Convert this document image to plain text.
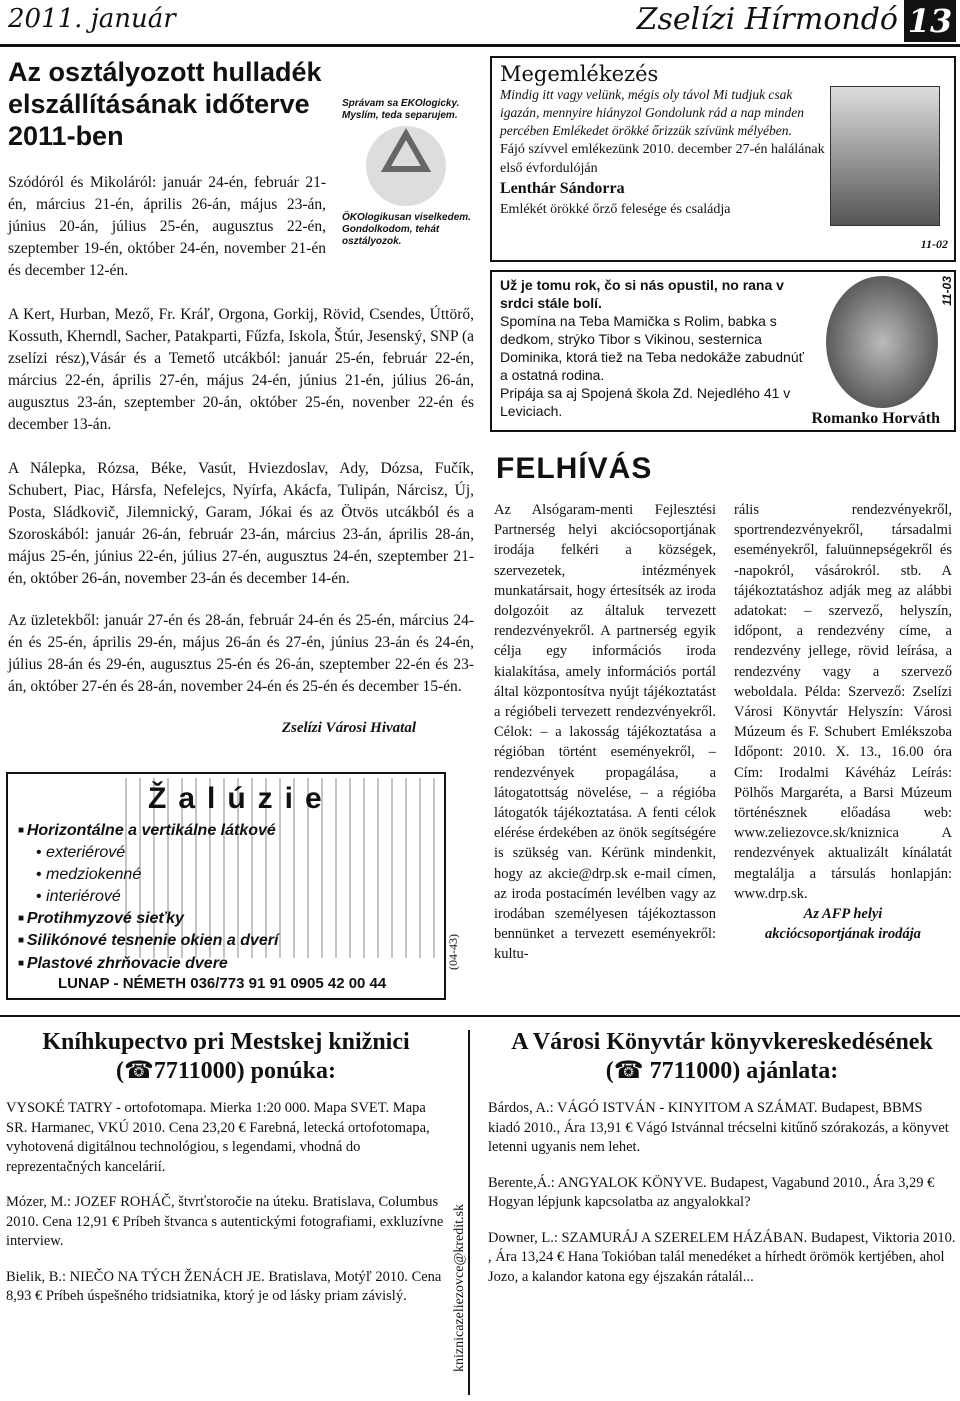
2011. január	Zselízi Hírmondó 13
Az osztályozott hulladék elszállításának időterve 2011-ben
Správam sa EKOlogicky. Myslím, teda separujem.
ÖKOlogikusan viselkedem. Gondolkodom, tehát osztályozok.

Szódóról és Mikoláról: január 24-én, február 21-én, március 21-én, április 26-án, május 23-án, június 20-án, július 25-én, augusztus 22-én, szeptember 19-én, október 24-én, november 21-én és december 12-én.

A Kert, Hurban, Mező, Fr. Kráľ, Orgona, Gorkij, Rövid, Csendes, Úttörő, Kossuth, Kherndl, Sacher, Patakparti, Fűzfa, Iskola, Štúr, Jesenský, SNP (a zselízi rész),Vásár és a Temető utcákból: január 25-én, február 22-én, március 22-én, április 27-én, május 24-én, június 21-én, július 26-án, augusztus 23-án, szeptember 20-án, október 25-én, novenber 22-én és december 13-án.

A Nálepka, Rózsa, Béke, Vasút, Hviezdoslav, Ady, Dózsa, Fučík, Schubert, Piac, Hársfa, Nefelejcs, Nyírfa, Akácfa, Tulipán, Nárcisz, Új, Posta, Sládkovič, Jilemnický, Garam, Jókai és az Ötvös utcákból és a Szoroskából: január 26-án, február 23-án, március 23-án, április 28-án, május 25-én, június 22-én, július 27-én, augusztus 24-én, szeptember 21-én, október 26-án, november 23-án és december 14-én.

Az üzletekből: január 27-én és 28-án, február 24-én és 25-én, március 24-én és 25-én, április 29-én, május 26-án és 27-én, június 23-án és 24-én, július 28-án és 29-én, augusztus 25-én és 26-án, szeptember 22-én és 23-án, október 27-én és 28-án, november 24-én és 25-én és december 15-én.

Zselízi Városi Hivatal
Žalúzie
■ Horizontálne a vertikálne látkové
• exteriérové
• medziokenné
• interiérové
■ Protihmyzové sieťky
■ Silikónové tesnenie okien a dverí
■ Plastové zhrňovacie dvere
LUNAP - NÉMETH 036/773 91 91 0905 42 00 44
(04-43)
Megemlékezés
Mindig itt vagy velünk, mégis oly távol Mi tudjuk csak igazán, mennyire hiányzol Gondolunk rád a nap minden percében Emlékedet örökké őrizzük szívünk mélyében.
Fájó szívvel emlékezünk 2010. december 27-én halálának első évfordulóján
Lenthár Sándorra
Emlékét örökké őrző felesége és családja
11-02
Už je tomu rok, čo si nás opustil, no rana v srdci stále bolí.
Spomína na Teba Mamička s Rolim, babka s dedkom, strýko Tibor s Vikinou, sesternica Dominika, ktorá tiež na Teba nedokáže zabudnúť a ostatná rodina.
Pripája sa aj Spojená škola Zd. Nejedlého 41 v Leviciach.
11-03
Romanko Horváth
FELHÍVÁS

Az Alsógaram-menti Fejlesztési Partnerség helyi akciócsoportjának irodája felkéri a községek, szervezetek, intézmények munkatársait, hogy értesítsék az iroda dolgozóit az általuk tervezett rendezvényekről. A partnerség egyik célja egy információs iroda kialakítása, amely információs portál által központosítva nyújt tájékoztatást a régióbeli tervezett rendezvényekről. Célok: – a lakosság tájékoztatása a régióban történt eseményekről, – rendezvények propagálása, a látogatottság növelése, – a régióba látogatók tájékoztatása. A fenti célok elérése érdekében az önök segítségére is szükség van. Kérünk mindenkit, hogy az akcie@drp.sk e-mail címen, az iroda postacímén levélben vagy az irodában személyesen tájékoztasson bennünket a tervezett eseményekről: kultu-

rális rendezvényekről, sportrendezvényekről, társadalmi eseményekről, faluünnepségekről és -napokról, vásárokról. stb. A tájékoztatáshoz adják meg az alábbi adatokat: – szervező, helyszín, időpont, a rendezvény címe, a rendezvény jellege, rövid leírása, a rendezvény vagy a szervező weboldala. Példa: Szervező: Zselízi Városi Könyvtár Helyszín: Városi Múzeum és F. Schubert Emlékszoba Időpont: 2010. X. 13., 16.00 óra Cím: Irodalmi Kávéház Leírás: Pölhős Margaréta, a Barsi Múzeum történésznek előadása web: www.zeliezovce.sk/kniznica A rendezvények aktualizált kínálatát megtalálja a társulás honlapján: www.drp.sk.

Az AFP helyi

akciócsoportjának irodája

Kníhkupectvo pri Mestskej knižnici
(☎7711000) ponúka:

VYSOKÉ TATRY - ortofotomapa. Mierka 1:20 000. Mapa SVET. Mapa SR. Harmanec, VKÚ 2010. Cena 23,20 € Farebná, letecká ortofotomapa, vyhotovená digitálnou technológiou, s legendami, vhodná do reprezentačných kancelárií.

Mózer, M.: JOZEF ROHÁČ, štvrťstoročie na úteku. Bratislava, Columbus 2010. Cena 12,91 € Príbeh štvanca s autentickými fotografiami, exkluzívne interview.

Bielik, B.: NIEČO NA TÝCH ŽENÁCH JE. Bratislava, Motýľ 2010. Cena 8,93 € Príbeh úspešného tridsiatnika, ktorý je od lásky priam závislý.	kniznicazeliezovce@kredit.sk
A Városi Könyvtár könyvkereskedésének
(☎ 7711000) ajánlata:

Bárdos, A.: VÁGÓ ISTVÁN - KINYITOM A SZÁMAT. Budapest, BBMS kiadó 2010., Ára 13,91 € Vágó Istvánnal trécselni kitűnő szórakozás, a könyvet letenni ugyanis nem lehet.

Berente,Á.: ANGYALOK KÖNYVE. Budapest, Vagabund 2010., Ára 3,29 € Hogyan lépjunk kapcsolatba az angyalokkal?

Downer, L.: SZAMURÁJ A SZERELEM HÁZÁBAN. Budapest, Viktoria 2010. , Ára 13,24 € Hana Tokióban talál menedéket a hírhedt örömök kertjében, ahol Jozo, a kalandor katona egy éjszakán rátalál...
